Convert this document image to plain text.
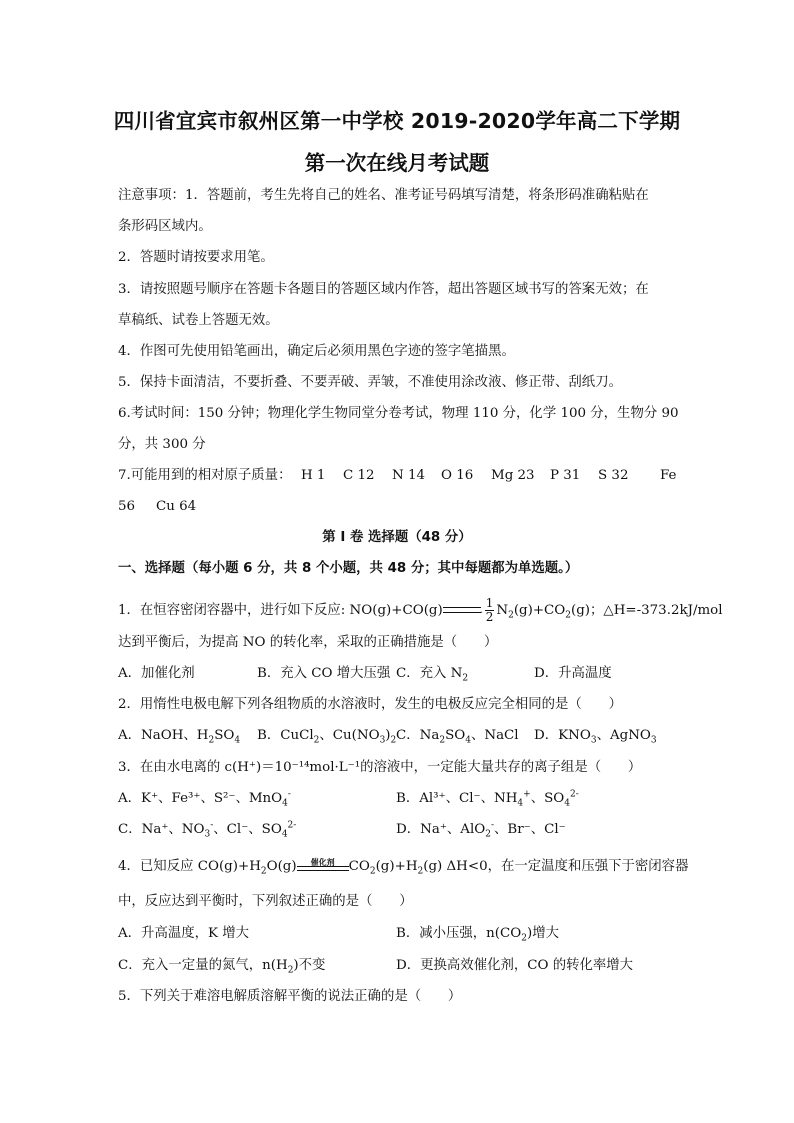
四川省宜宾市叙州区第一中学校 2019-2020学年高二下学期
第一次在线月考试题
注意事项：1．答题前，考生先将自己的姓名、准考证号码填写清楚，将条形码准确粘贴在
条形码区域内。
2．答题时请按要求用笔。
3．请按照题号顺序在答题卡各题目的答题区域内作答，超出答题区域书写的答案无效；在
草稿纸、试卷上答题无效。
4．作图可先使用铅笔画出，确定后必须用黑色字迹的签字笔描黑。
5．保持卡面清洁，不要折叠、不要弄破、弄皱，不准使用涂改液、修正带、刮纸刀。
6.考试时间：150 分钟；物理化学生物同堂分卷考试，物理 110 分，化学 100 分，生物分 90
分，共 300 分
7.可能用到的相对原子质量： H 1 C 12 N 14 O 16 Mg 23 P 31 S 32 Fe
56 Cu 64
第 I 卷 选择题（48 分）
一、选择题（每小题 6 分，共 8 个小题，共 48 分；其中每题都为单选题。）
1．在恒容密闭容器中，进行如下反应: NO(g)+CO(g)	⇀ $\frac{1}{2} N_2(g)+CO_2(g)$；△H=-373.2kJ/mol
达到平衡后，为提高 NO 的转化率，采取的正确措施是（　　）
A．加催化剂	B．充入 CO 增大压强 C．充入 $N_2$	D．升高温度
2．用惰性电极电解下列各组物质的水溶液时，发生的电极反应完全相同的是（　　）
A．NaOH、$H_2SO_4$ B．CuCl$_2$、$Cu(NO_3)_2$ C．$Na_2SO_4$、NaCl D．$KNO_3$、AgNO$_3$
3．在由水电离的 c(H⁺)＝10⁻¹⁴mol·L⁻¹的溶液中，一定能大量共存的离子组是（　　）
A．K⁺、Fe³⁺、S²⁻、MnO$_4$-	B．Al³⁺、Cl⁻、$NH_4^+$、$SO_4^{2-}$
C．Na⁺、$NO_3^-$、Cl⁻、$SO_4^{2-}$	D．Na⁺、AlO$_2$-、Br⁻、Cl⁻
4．已知反应 $CO(g)+H_2O(g)$	催化剂	$CO_2(g)+H_2(g)$ ΔH<0，在一定温度和压强下于密闭容器
中，反应达到平衡时，下列叙述正确的是（　　）
A．升高温度，K 增大	B．减小压强，$n(CO_2)$增大
C．充入一定量的氮气，$n(H_2)$不变	D．更换高效催化剂，CO 的转化率增大
5．下列关于难溶电解质溶解平衡的说法正确的是（　　）
